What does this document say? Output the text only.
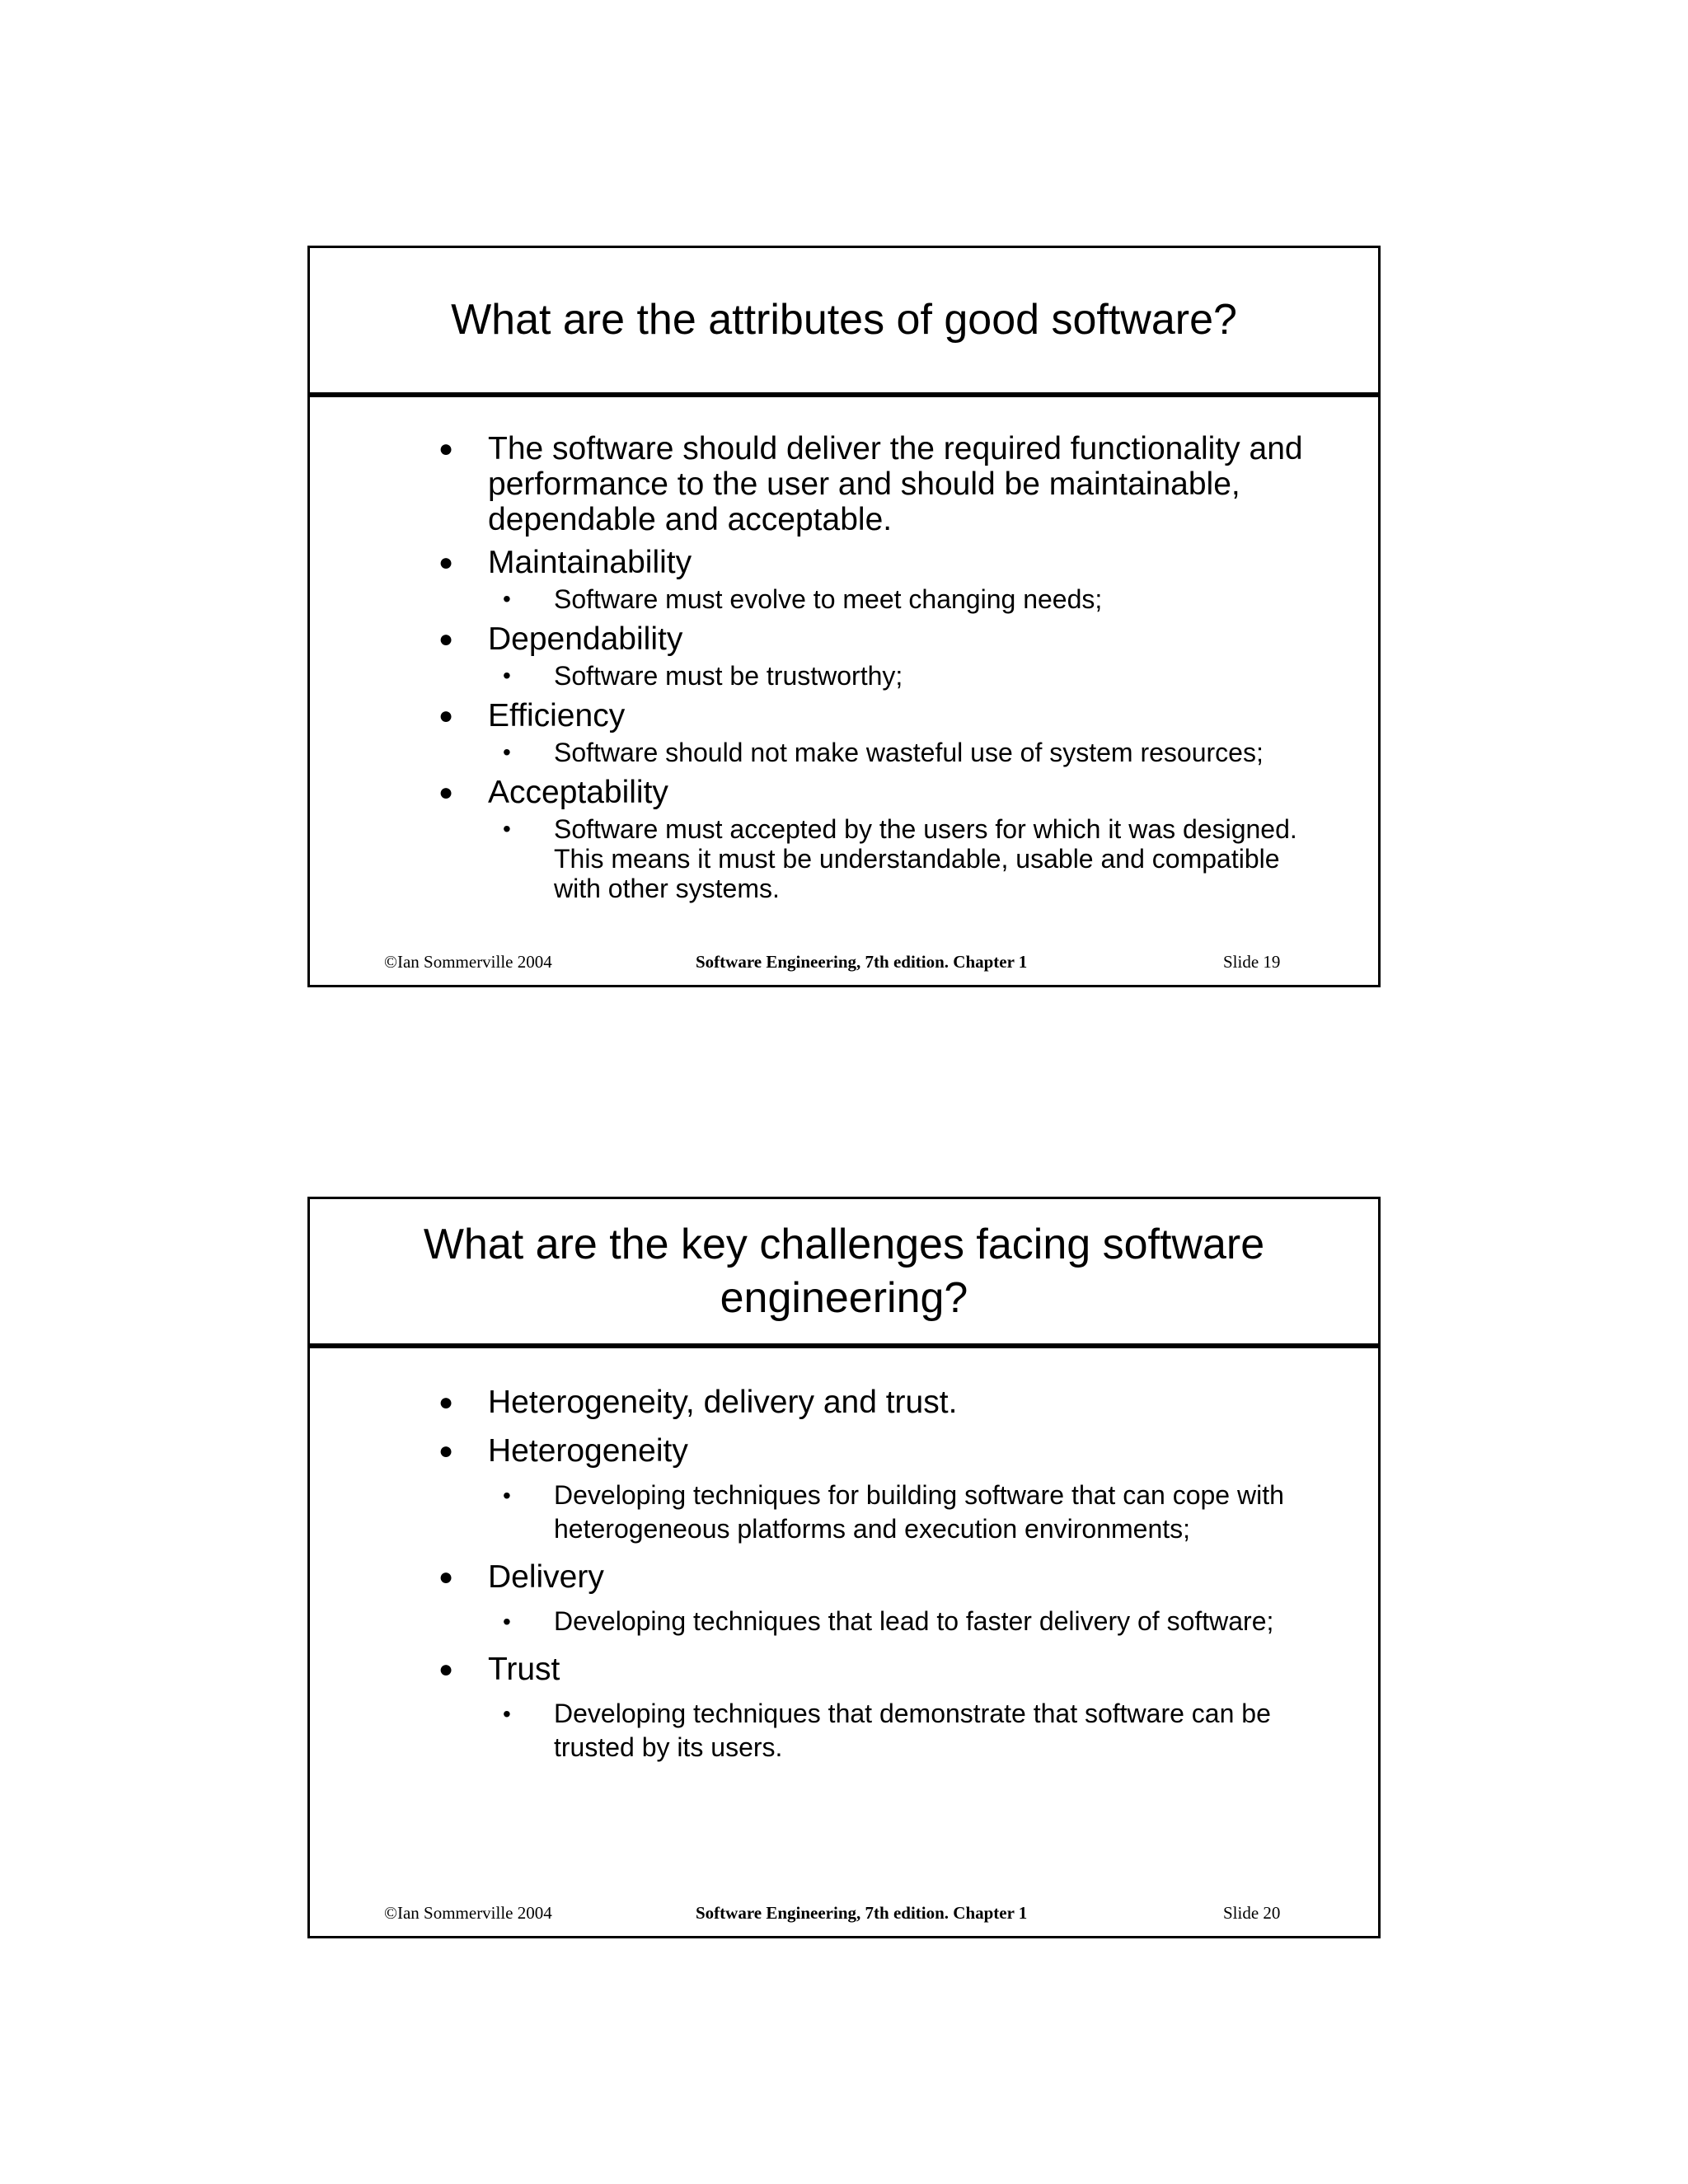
What are the attributes of good software?
● The software should deliver the required functionality and performance to the user and should be maintainable, dependable and acceptable.
● Maintainability
• Software must evolve to meet changing needs;
● Dependability
• Software must be trustworthy;
● Efficiency
• Software should not make wasteful use of system resources;
● Acceptability
• Software must accepted by the users for which it was designed. This means it must be understandable, usable and compatible with other systems.
©Ian Sommerville 2004	Software Engineering, 7th edition. Chapter 1	Slide 19
What are the key challenges facing software engineering?
● Heterogeneity, delivery and trust.
● Heterogeneity
• Developing techniques for building software that can cope with heterogeneous platforms and execution environments;
● Delivery
• Developing techniques that lead to faster delivery of software;
● Trust
• Developing techniques that demonstrate that software can be trusted by its users.
©Ian Sommerville 2004	Software Engineering, 7th edition. Chapter 1	Slide 20
